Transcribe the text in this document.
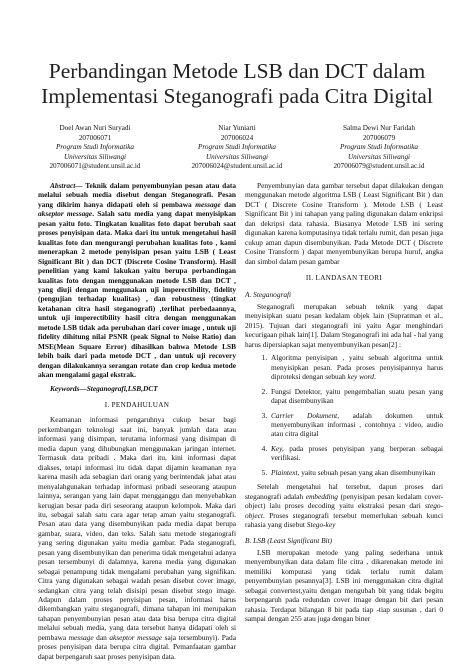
Perbandingan Metode LSB dan DCT dalam
Implementasi Steganografi pada Citra Digital
Doel Awan Nuri Suryadi
207006071
Program Studi Informatika
Universitas Siliwangi
207006071@student.unsil.ac.id
Niar Yuniarti
207006024
Program Studi Informatika
Universitas Siliwangi
207006024@student.unsil.ac.id
Salma Dewi Nur Faridah
207006079
Program Studi Informatika
Universitas Siliwangi
207006079@student.unsil.ac.id

Abstract— Teknik dalam penyembunyian pesan atau data melalui sebuah media disebut dengan Steganografi. Pesan yang dikirim hanya didapati oleh si pembawa message dan akseptor message. Salah satu media yang dapat menyisipkan pesan yaitu foto. Tingkatan kualitas foto dapat berubah saat proses penyisipan data. Maka dari itu untuk mengetahui hasil kualitas foto dan mengurangi perubahan kualitas foto , kami menerapkan 2 metode penyisipan pesan yaitu LSB ( Least Significant Bit ) dan DCT (Discrete Cosine Transform). Hasil penelitian yang kami lakukan yaitu berupa perbandingan kualitas foto dengan menggunakan metode LSB dan DCT , yang diuji dengan menggunakan uji imperectibility, fidelity (pengujian terhadap kualitas) , dan robustness (tingkat ketahanan citra hasil steganografi) ,terlihat perbedaannya, untuk uji imperectibility hasil citra dengan menggunakan metode LSB tidak ada perubahan dari cover image , untuk uji fidelity dihitung nilai PSNR (peak Signal to Noise Ratio) dan MSE(Mean Square Error) dihasilkan bahwa Metode LSB lebih baik dari pada metode DCT , dan untuk uji recovery dengan dilakukannya serangan rotate dan crop kedua metode akan mengalami gagal ekstrak.

Keywords—Steganografi,LSB,DCT

I. PENDAHULUAN

Keamanan informasi pengaruhnya cukup besar bagi perkembangan teknologi saat ini, banyak jumlah data atau informasi yang disimpan, terutama informasi yang disimpan di media dapun yang dihubungkan menggunakan jaringan internet. Termasuk data pribadi . Maka dari itu, kini informasi dapat diakses, tetapi informasi itu tidak dapat dijamin keamanan nya karena masih ada sebagian dari orang yang berintendak jahat atau menyalahgunakan terhadap informasi pribadi seseorang ataupun lainnya, serangan yang lain dapat mengganggu dan menyebabkan kerugian besar pada diri seseorang ataupun kelompok. Maka dari itu, sebagai salah satu cara agar tetap aman yaitu steganografi. Pesan atau data yang disembunyikan pada media dapat berupa gambar, suara, video, dan teks. Salah satu metode steganografi yang sering digunakan yaitu media gambar. Pada steganografi, pesan yang disembunyikan dan penerima tidak mengetahui adanya pesan tersembunyi di dalamnya, karena media yang digunakan sebagai penampung tidak mengalami perubahan yang signifikan. Citra yang digunakan sebagai wadah pesan disebut cover image, sedangkan citra yang telah disisipi pesan disebut stego image. Adapun dalam proses penyisipan pesan, informasi harus dikembangkan yaitu steganografi, dimana tahapan ini merupakan tahapan penyembunyian pesan atau data bisa berupa citra digital melalui sebuah media, yang data tersebut hanya didapati oleh si pembawa message dan akseptor message saja tersembunyi). Pada proses penyisipan data berupa citra digital. Pemanfaatan gambar dapat berpengaruh saat proses penyisipan data.

Penyembunyian data gambar tersebut dapat dilakukan dengan menggunakan metode algoritma LSB ( Least Significant Bit ) dan DCT ( Discrete Cosine Transform ). Metode LSB ( Least Significant Bit ) ini tahapan yang paling digunakan dalam enkripsi dan dekripsi data rahasia. Biasanya Metode LSB ini sering digunakan karena komputasinya tidak terlalu rumit, dan pesan juga cukup aman dapun disembunyikan. Pada Metode DCT ( Discrete Cosine Transform ) dapat menyembunyikan berupa huruf, angka dan simbol dalam pesan gambar

II. LANDASAN TEORI
A. Steganografi

Steganografi merupakan sebuah teknik yang dapat menyisipkan suatu pesan kedalam objek lain (Supratman et al., 2015). Tujuan dari steganografi ini yaitu Agar menghindari kecurigaan pihak lain[1]. Dalam Steganografi ini ada hal - hal yang harus dipersiapkan sajat menyembunyikan pesan[2] :

1. Algoritma penyisipan , yaitu sebuah algoritma untuk menyisipkan pesan. Pada proses penyisipannya harus diproteksi dengan sebuah key word.
2. Fungsi Detektor, yaitu pengembalian suatu pesan yang dapat disembunyikan
3. Carrier Dokument, adalah dokumen untuk menyembunyikan informasi , contohnya : video, audio atau citra digital
4. Key, pada proses penyisipan yang berperan sebagai verifikasi.
5. Plaintext, yaitu sebuah pesan yang akan disembunyikan

Setelah mengetahui hal tersebut, dapun proses dari steganografi adalah embedding (penyisipan pesan kedalam cover-object) lalu proses decoding yaitu ekstraksi pesan dari stego-object. Proses steganografi tersebut memerlukan sebuah kunci rahasia yang disebut Stego-key

B. LSB (Least Significant Bit)

LSB merupakan metode yang paling sederhana untuk menyembunyikan data dalam file citra , dikarenakan metode ini memiliki komputasi yang tidak terlalu rumit dalam penyembunyian pesannya[3]. LSB ini menggunakan citra digital sebagai convertest,yaitu dengan mengubah bit yang tidak begitu berpengaruh pada redundan cover image dengan bit dari pesan rahasia. Terdapat bilangan 8 bit pada tiap -tiap susunan , dari 0 sampai dengan 255 atau juga dengan biner
